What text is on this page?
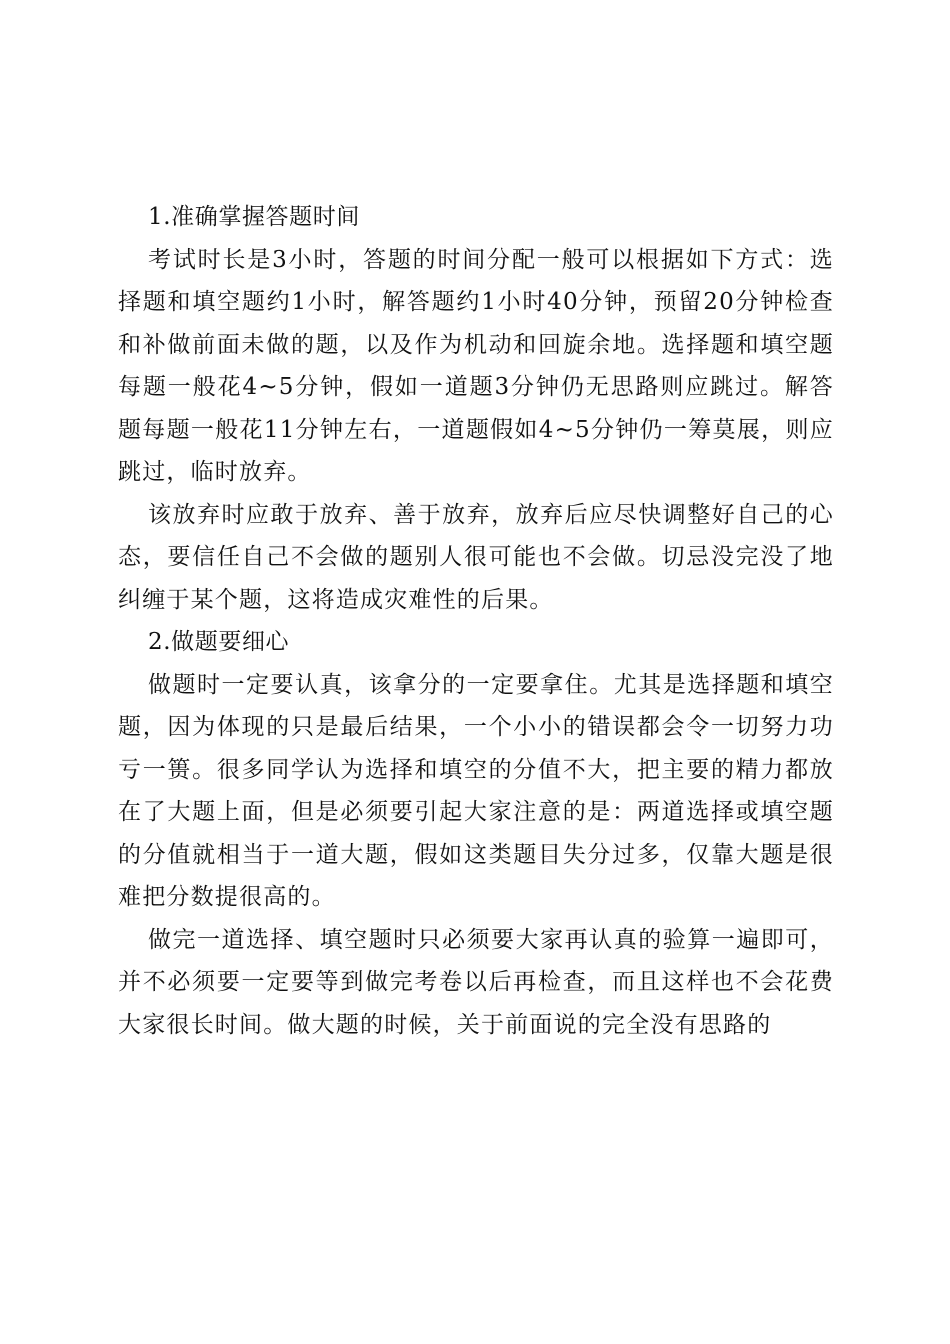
1.准确掌握答题时间

考试时长是3小时，答题的时间分配一般可以根据如下方式：选择题和填空题约1小时，解答题约1小时40分钟，预留20分钟检查和补做前面未做的题，以及作为机动和回旋余地。选择题和填空题每题一般花4~5分钟，假如一道题3分钟仍无思路则应跳过。解答题每题一般花11分钟左右，一道题假如4~5分钟仍一筹莫展，则应跳过，临时放弃。

该放弃时应敢于放弃、善于放弃，放弃后应尽快调整好自己的心态，要信任自己不会做的题别人很可能也不会做。切忌没完没了地纠缠于某个题，这将造成灾难性的后果。

2.做题要细心

做题时一定要认真，该拿分的一定要拿住。尤其是选择题和填空题，因为体现的只是最后结果，一个小小的错误都会令一切努力功亏一篑。很多同学认为选择和填空的分值不大，把主要的精力都放在了大题上面，但是必须要引起大家注意的是：两道选择或填空题的分值就相当于一道大题，假如这类题目失分过多，仅靠大题是很难把分数提很高的。

做完一道选择、填空题时只必须要大家再认真的验算一遍即可，并不必须要一定要等到做完考卷以后再检查，而且这样也不会花费大家很长时间。做大题的时候，关于前面说的完全没有思路的
